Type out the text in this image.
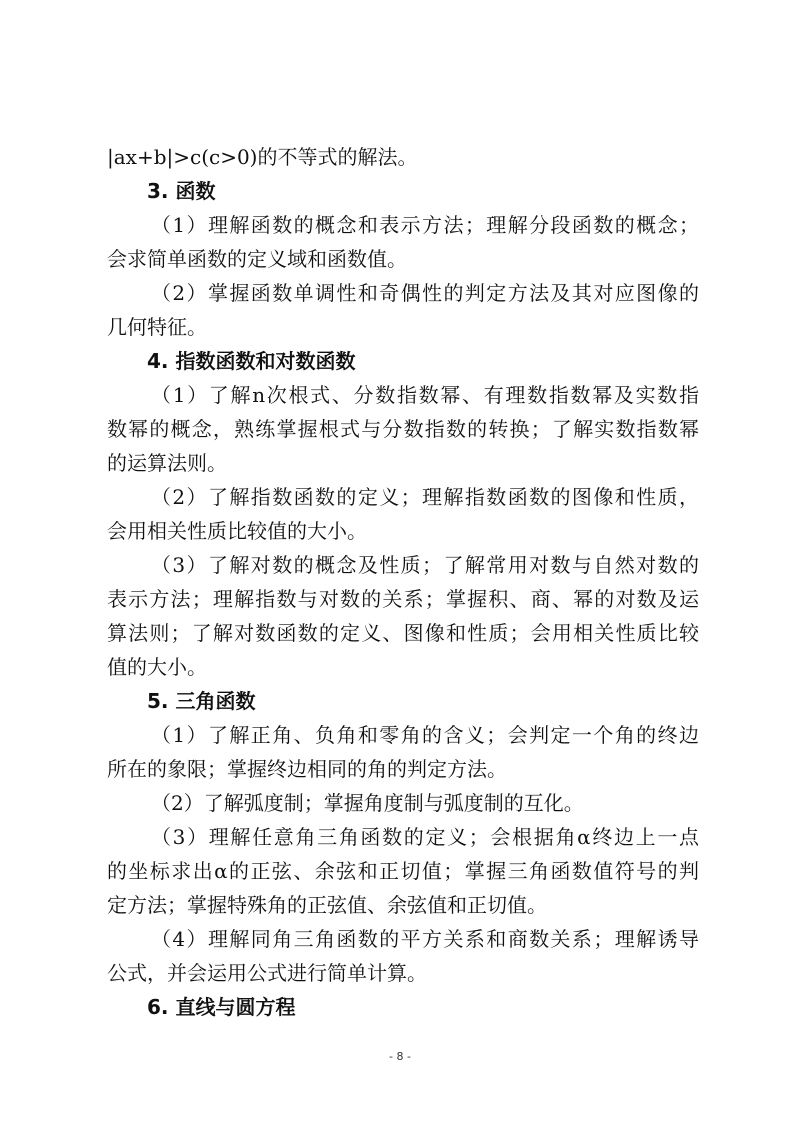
|ax+b|>c(c>0)的不等式的解法。
3. 函数
（1）理解函数的概念和表示方法；理解分段函数的概念；
会求简单函数的定义域和函数值。
（2）掌握函数单调性和奇偶性的判定方法及其对应图像的
几何特征。
4. 指数函数和对数函数
（1）了解n次根式、分数指数幂、有理数指数幂及实数指
数幂的概念，熟练掌握根式与分数指数的转换；了解实数指数幂
的运算法则。
（2）了解指数函数的定义；理解指数函数的图像和性质，
会用相关性质比较值的大小。
（3）了解对数的概念及性质；了解常用对数与自然对数的
表示方法；理解指数与对数的关系；掌握积、商、幂的对数及运
算法则；了解对数函数的定义、图像和性质；会用相关性质比较
值的大小。
5. 三角函数
（1）了解正角、负角和零角的含义；会判定一个角的终边
所在的象限；掌握终边相同的角的判定方法。
（2）了解弧度制；掌握角度制与弧度制的互化。
（3）理解任意角三角函数的定义；会根据角α终边上一点
的坐标求出α的正弦、余弦和正切值；掌握三角函数值符号的判
定方法；掌握特殊角的正弦值、余弦值和正切值。
（4）理解同角三角函数的平方关系和商数关系；理解诱导
公式，并会运用公式进行简单计算。
6. 直线与圆方程
- 8 -
